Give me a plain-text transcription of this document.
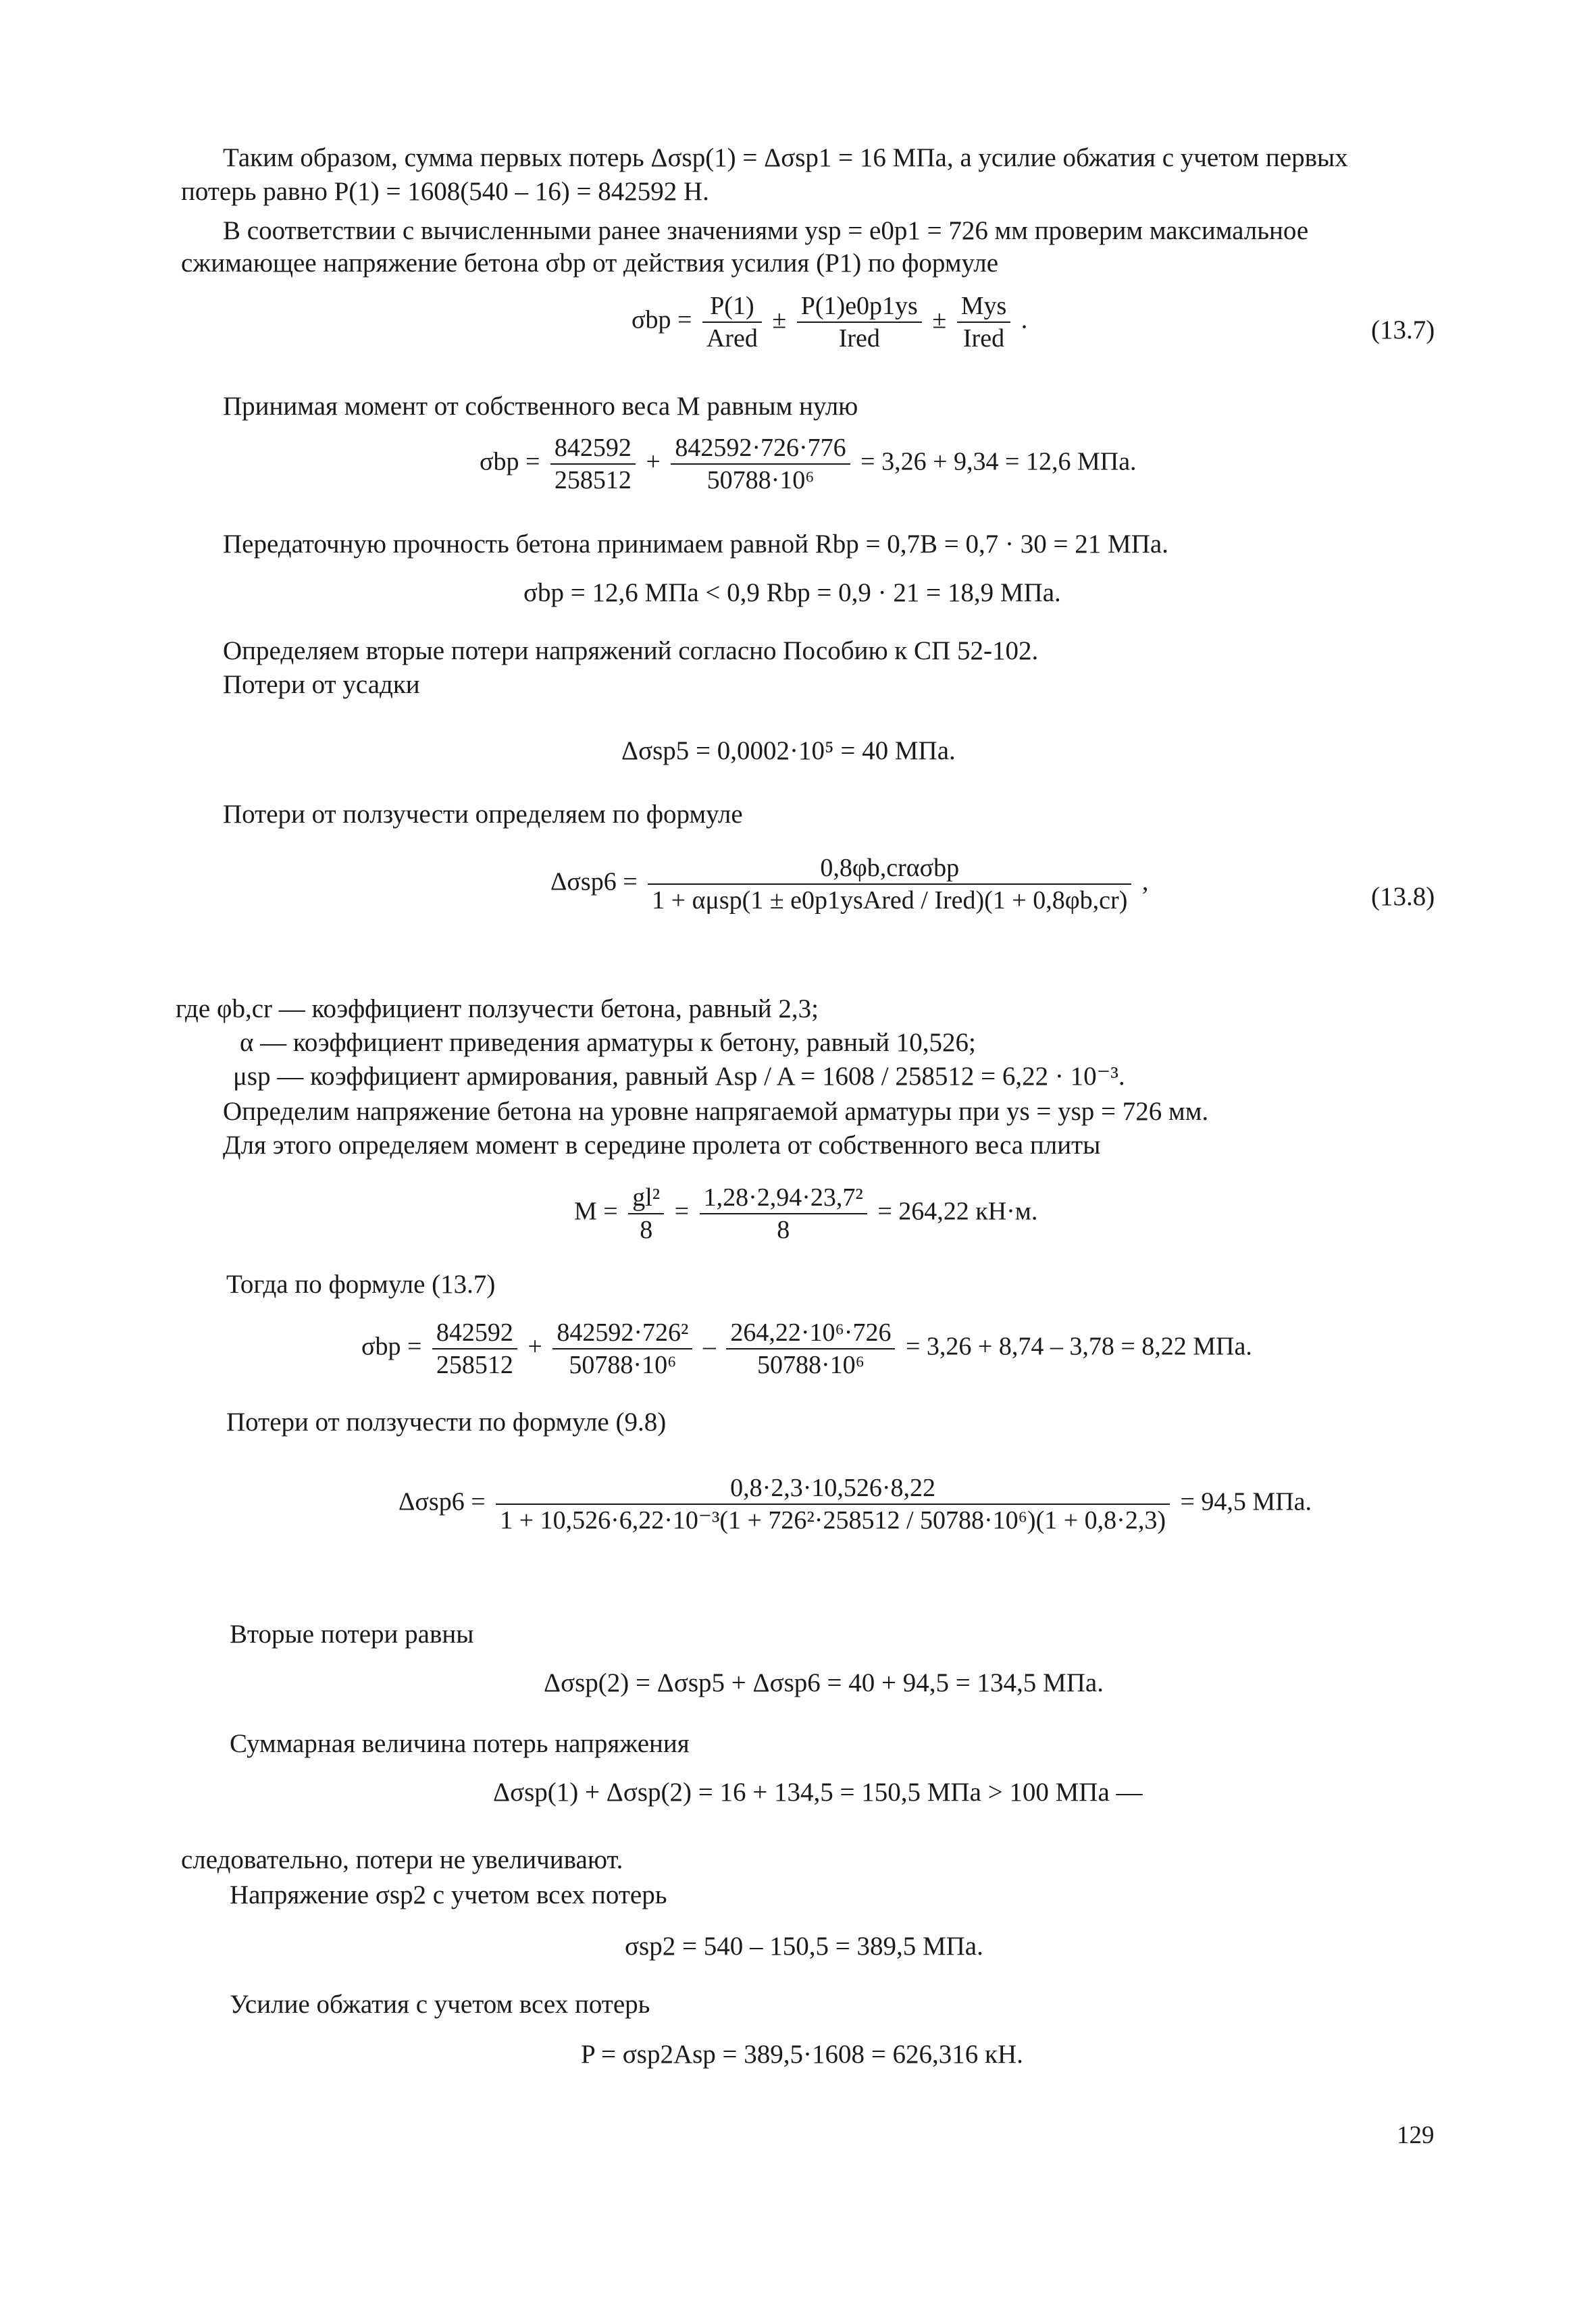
Таким образом, сумма первых потерь Δσsp(1) = Δσsp1 = 16 МПа, а усилие обжатия с учетом первых
потерь равно P(1) = 1608(540 – 16) = 842592 Н.
В соответствии с вычисленными ранее значениями ysp = e0p1 = 726 мм проверим максимальное
сжимающее напряжение бетона σbp от действия усилия (P1) по формуле
$\sigma bp = \frac{P(1)}{\text{Ared}} \pm \frac{P(1)e0p1ys}{\text{Ired}} \pm \frac{\text{Mys}}{\text{Ired}}$ .	(13.7)
Принимая момент от собственного веса M равным нулю
$\sigma bp = \frac{842592}{258512} + \frac{842592\cdot 726\cdot 776}{\text{50788·10⁶}} = 3,26 + 9,34 = 12,6$ МПа.
Передаточную прочность бетона принимаем равной Rbp = 0,7B = 0,7 · 30 = 21 МПа.
σbp = 12,6 МПа < 0,9 Rbp = 0,9 · 21 = 18,9 МПа.
Определяем вторые потери напряжений согласно Пособию к СП 52-102.
Потери от усадки
Δσsp5 = 0,0002·10⁵ = 40 МПа.
Потери от ползучести определяем по формуле
$\Delta\sigma sp6 = \frac{\text{0,8φb,crασbp}}{\text{1 + αμsp(1 ± e0p1ysAred / Ired)(1 + 0,8φb,cr)}}$ ,
(13.8)
где φb,cr — коэффициент ползучести бетона, равный 2,3;
α — коэффициент приведения арматуры к бетону, равный 10,526;
μsp — коэффициент армирования, равный Asp / A = 1608 / 258512 = 6,22 · 10⁻³.
Определим напряжение бетона на уровне напрягаемой арматуры при ys = ysp = 726 мм.
Для этого определяем момент в середине пролета от собственного веса плиты
$M = \frac{\text{gl²}}{8} = \frac{\text{1,28·2,94·23,7²}}{8} = 264,22$ кН·м.
Тогда по формуле (13.7)
$\sigma bp = \frac{842592}{258512} + \frac{\text{842592·726²}}{\text{50788·10⁶}} - \frac{\text{264,22·10⁶·726}}{\text{50788·10⁶}} = 3,26 + 8,74 - 3,78 = 8,22$ МПа.
Потери от ползучести по формуле (9.8)
Δσsp6 =	0,8·2,3·10,526·8,22
1 + 10,526·6,22·10⁻³(1 + 726²·258512 / 50788·10⁶)(1 + 0,8·2,3)
= 94,5 МПа.
Вторые потери равны
Δσsp(2) = Δσsp5 + Δσsp6 = 40 + 94,5 = 134,5 МПа.
Суммарная величина потерь напряжения
Δσsp(1) + Δσsp(2) = 16 + 134,5 = 150,5 МПа > 100 МПа —
следовательно, потери не увеличивают.
Напряжение σsp2 с учетом всех потерь
σsp2 = 540 – 150,5 = 389,5 МПа.
Усилие обжатия с учетом всех потерь
P = σsp2Asp = 389,5·1608 = 626,316 кН.
129
